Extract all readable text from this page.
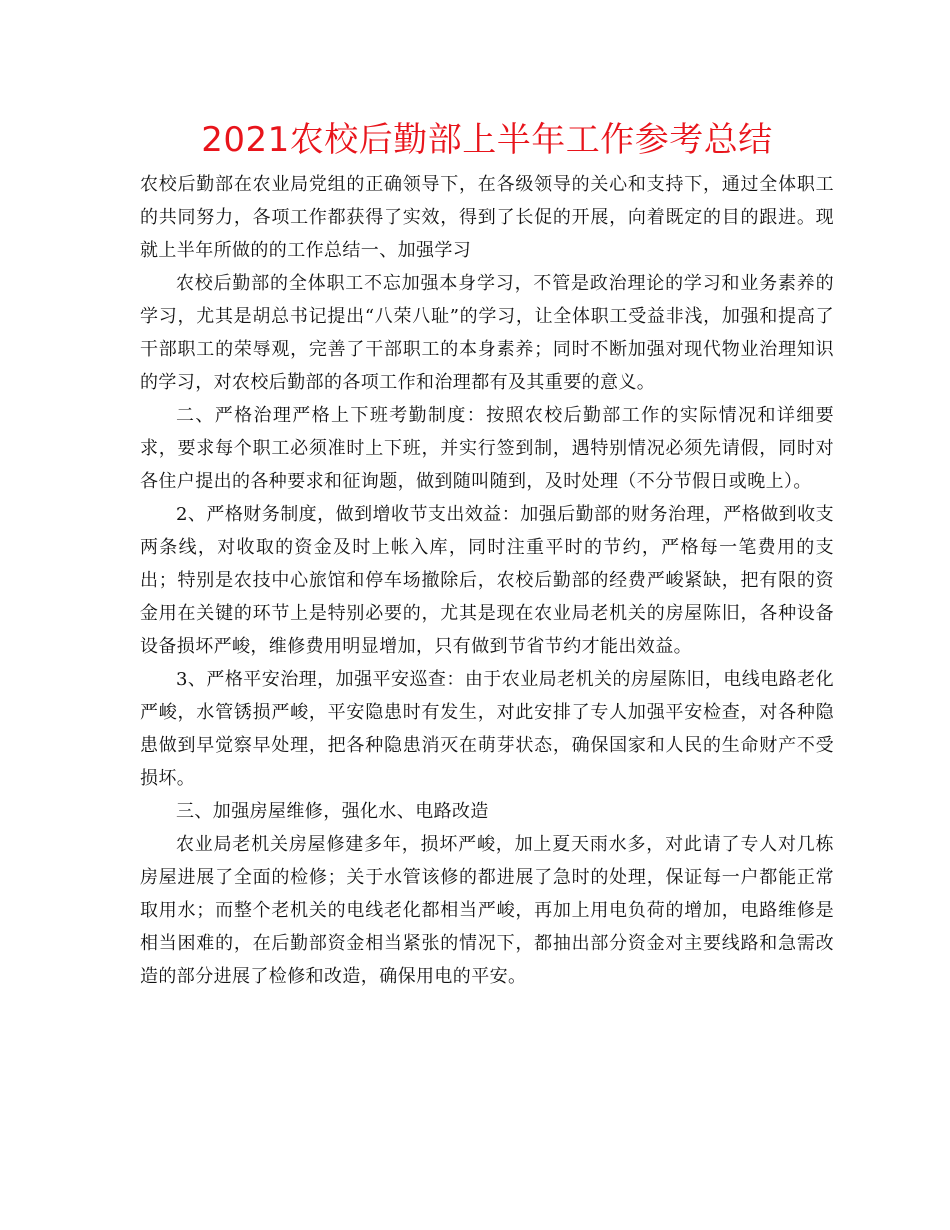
2021农校后勤部上半年工作参考总结

农校后勤部在农业局党组的正确领导下，在各级领导的关心和支持下，通过全体职工的共同努力，各项工作都获得了实效，得到了长促的开展，向着既定的目的跟进。现就上半年所做的的工作总结一、加强学习

农校后勤部的全体职工不忘加强本身学习，不管是政治理论的学习和业务素养的学习，尤其是胡总书记提出“八荣八耻”的学习，让全体职工受益非浅，加强和提高了干部职工的荣辱观，完善了干部职工的本身素养；同时不断加强对现代物业治理知识的学习，对农校后勤部的各项工作和治理都有及其重要的意义。

二、严格治理严格上下班考勤制度：按照农校后勤部工作的实际情况和详细要求，要求每个职工必须准时上下班，并实行签到制，遇特别情况必须先请假，同时对各住户提出的各种要求和征询题，做到随叫随到，及时处理（不分节假日或晚上）。

2、严格财务制度，做到增收节支出效益：加强后勤部的财务治理，严格做到收支两条线，对收取的资金及时上帐入库，同时注重平时的节约，严格每一笔费用的支出；特别是农技中心旅馆和停车场撤除后，农校后勤部的经费严峻紧缺，把有限的资金用在关键的环节上是特别必要的，尤其是现在农业局老机关的房屋陈旧，各种设备设备损坏严峻，维修费用明显增加，只有做到节省节约才能出效益。

3、严格平安治理，加强平安巡查：由于农业局老机关的房屋陈旧，电线电路老化严峻，水管锈损严峻，平安隐患时有发生，对此安排了专人加强平安检查，对各种隐患做到早觉察早处理，把各种隐患消灭在萌芽状态，确保国家和人民的生命财产不受损坏。

三、加强房屋维修，强化水、电路改造

农业局老机关房屋修建多年，损坏严峻，加上夏天雨水多，对此请了专人对几栋房屋进展了全面的检修；关于水管该修的都进展了急时的处理，保证每一户都能正常取用水；而整个老机关的电线老化都相当严峻，再加上用电负荷的增加，电路维修是相当困难的，在后勤部资金相当紧张的情况下，都抽出部分资金对主要线路和急需改造的部分进展了检修和改造，确保用电的平安。
